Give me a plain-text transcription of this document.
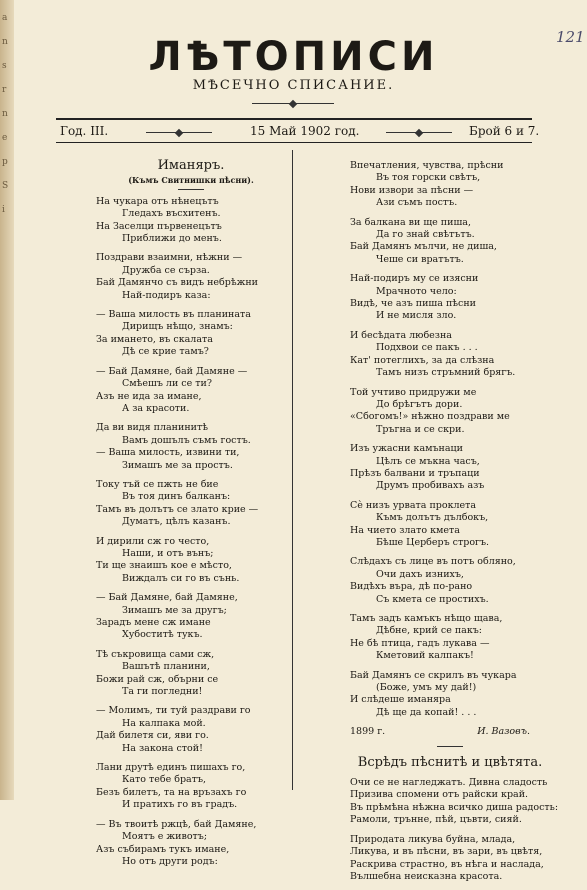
a
n
s
r
n
e
p
S
i
121
ЛѢТОПИСИ
МѢСЕЧНО СПИСАНИЕ.
Год. III.	15 Май 1902 год.	Брой 6 и 7.
Иманяръ.
(Къмъ Свитнишки пѣсни).

На чукара отъ нѣнецътъ
Гледахъ въсхитенъ.
На Заселци първенецътъ
Приближи до менъ.

Поздрави взаимни, нѣжни —
Дружба се сърза.
Бай Дамянчо съ видъ небрѣжни
Най-подиръ каза:

— Ваша милость въ планината
Дирищъ нѣщо, знамъ:
За имането, въ скалата
Дѣ се крие тамъ?

— Бай Дамяне, бай Дамяне —
Смѣешъ ли се ти?
Азъ не ида за имане,
А за красоти.

Да ви видя планинитѣ
Вамъ дошълъ съмъ гостъ.
— Ваша милость, извини ти,
Зимашъ ме за простъ.

Току тъй се пжть не бие
Въ тоя динъ балканъ:
Тамъ въ долътъ се злато крие —
Думатъ, цѣлъ казанъ.

И дирили сж го често,
Наши, и отъ вънъ;
Ти ще знаишъ кое е мѣсто,
Виждалъ си го въ сънь.

— Бай Дамяне, бай Дамяне,
Зимашъ ме за другъ;
Зарадъ мене сж имане
Хубоститѣ тукъ.

Тѣ съкровища сами сж,
Вашътѣ планини,
Божи рай сж, обърни се
Та ги погледни!

— Молимъ, ти туй раздрави го
На калпака мой.
Дай билетя си, яви го.
На закона стой!

Лани друтѣ единъ пишахъ го,
Като тебе братъ,
Безъ билетъ, та на връзахъ го
И пратихъ го въ градъ.

— Въ твоитѣ ржцѣ, бай Дамяне,
Моятъ е животъ;
Азъ събирамъ тукъ имане,
Но отъ други родъ:

Впечатления, чувства, прѣсни
Въ тоя горски свѣтъ,
Нови извори за пѣсни —
Ази съмъ постъ.

За балкана ви ще пиша,
Да го знай свѣтътъ.
Бай Дамянъ мълчи, не диша,
Чеше си вратътъ.

Най-подиръ му се изясни
Мрачното чело:
Видѣ, че азъ пиша пѣсни
И не мисля зло.

И бесѣдата любезна
Подхвои се пакъ . . .
Кат' потеглихъ, за да слѣзна
Тамъ низъ стръмний брягъ.

Той учтиво придружи ме
До брѣгътъ дори.
«Сбогомъ!» нѣжно поздрави ме
Тръгна и се скри.

Изъ ужасни камънаци
Цѣлъ се мъкна часъ,
Прѣзъ балвани и тръпаци
Друмъ пробивахъ азъ

Сѐ низъ урвата проклета
Къмъ долътъ дълбокъ,
На чието злато кмета
Бѣше Церберъ строгъ.

Слѣдахъ съ лице въ потъ обляно,
Очи дахъ изнихъ,
Видѣхъ въра, дѣ по-рано
Съ кмета се простихъ.

Тамъ задъ камъкъ нѣщо щава,
Дѣбне, крий се пакъ:
Не бѣ птица, гадъ лукава —
Кметовий калпакъ!

Бай Дамянъ се скрилъ въ чукара
(Боже, умъ му дай!)
И слѣдеше иманяра
Дѣ ще да копай! . . .

1899 г.	И. Вазовъ.

Всрѣдъ пѣснитѣ и цвѣтята.

Очи се не нагледжатъ. Дивна сладость
Призива спомени отъ райски край.
Въ прѣмѣна нѣжна всичко диша радость:
Рамоли, трънне, пѣй, цъвти, сияй.

Природата ликува буйна, млада,
Ликува, и въ пѣсни, въ зари, въ цвѣтя,
Раскрива страстно, въ нѣга и наслада,
Вълшебна неисказна красота.
